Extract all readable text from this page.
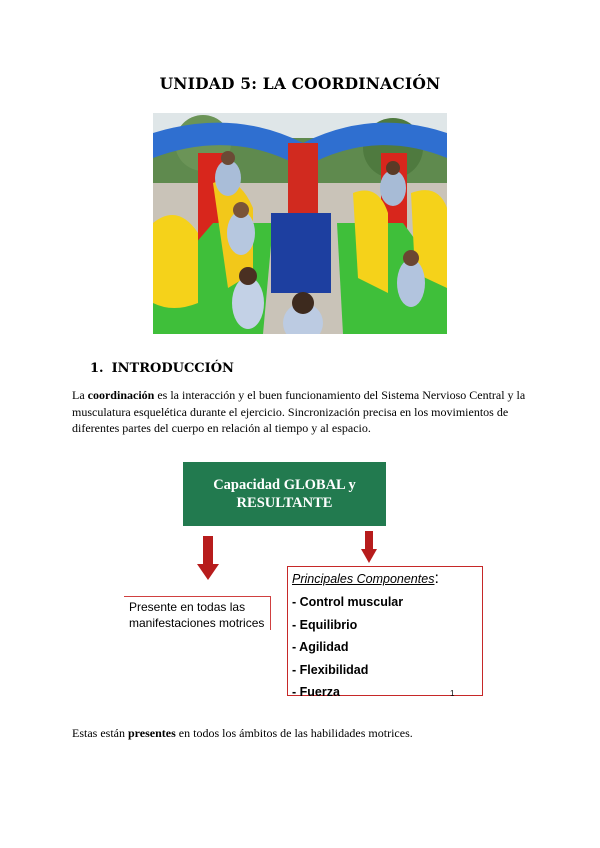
UNIDAD 5: LA COORDINACIÓN
1. INTRODUCCIÓN
La coordinación es la interacción y el buen funcionamiento del Sistema Nervioso Central y la musculatura esquelética durante el ejercicio. Sincronización precisa en los movimientos de diferentes partes del cuerpo en relación al tiempo y al espacio.
Capacidad GLOBAL y
RESULTANTE
Presente en todas las manifestaciones motrices
Principales Componentes:
- Control muscular
- Equilibrio
- Agilidad
- Flexibilidad
- Fuerza	1
Estas están presentes en todos los ámbitos de las habilidades motrices.
